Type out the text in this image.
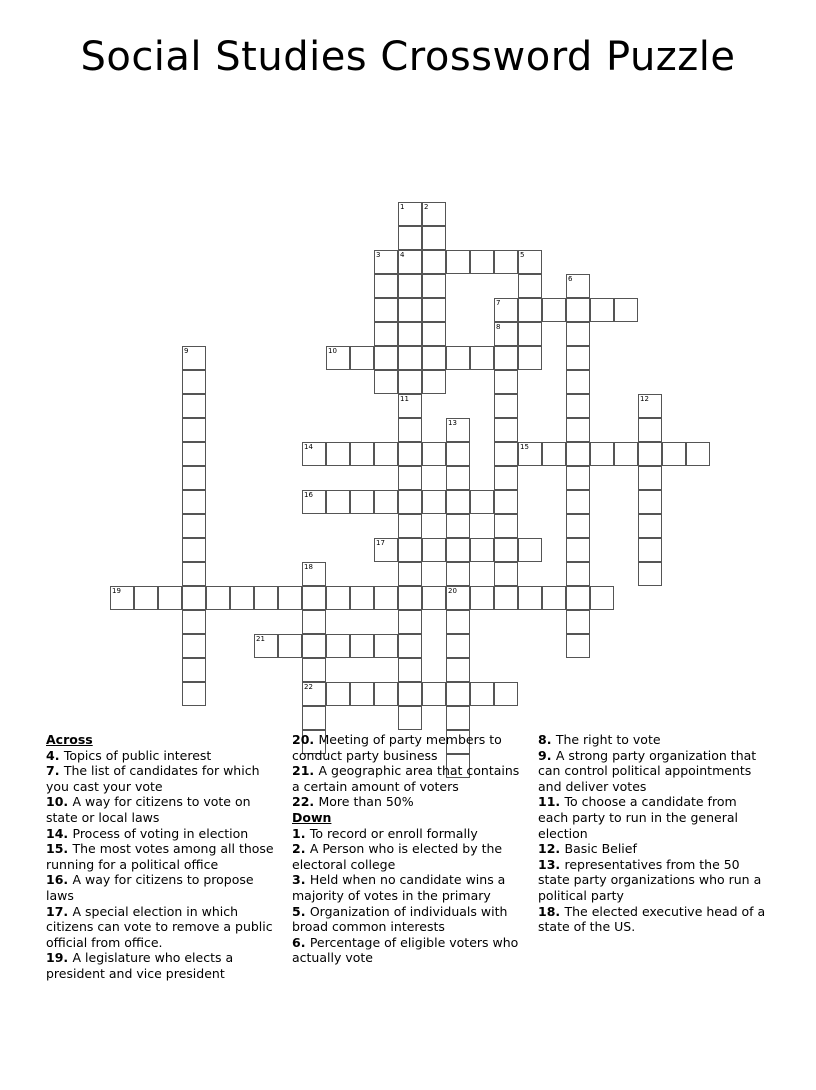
Social Studies Crossword Puzzle
1	2
3	4	5
6
7
8
9	10
11	12
13
14	15
16
17
18
19	20
21
22

Across

4. Topics of public interest

7. The list of candidates for which you cast your vote

10. A way for citizens to vote on state or local laws

14. Process of voting in election

15. The most votes among all those running for a political office

16. A way for citizens to propose laws

17. A special election in which citizens can vote to remove a public official from office.

19. A legislature who elects a president and vice president

20. Meeting of party members to conduct party business

21. A geographic area that contains a certain amount of voters

22. More than 50%

Down

1. To record or enroll formally

2. A Person who is elected by the electoral college

3. Held when no candidate wins a majority of votes in the primary

5. Organization of individuals with broad common interests

6. Percentage of eligible voters who actually vote

8. The right to vote

9. A strong party organization that can control political appointments and deliver votes

11. To choose a candidate from each party to run in the general election

12. Basic Belief

13. representatives from the 50 state party organizations who run a political party

18. The elected executive head of a state of the US.
